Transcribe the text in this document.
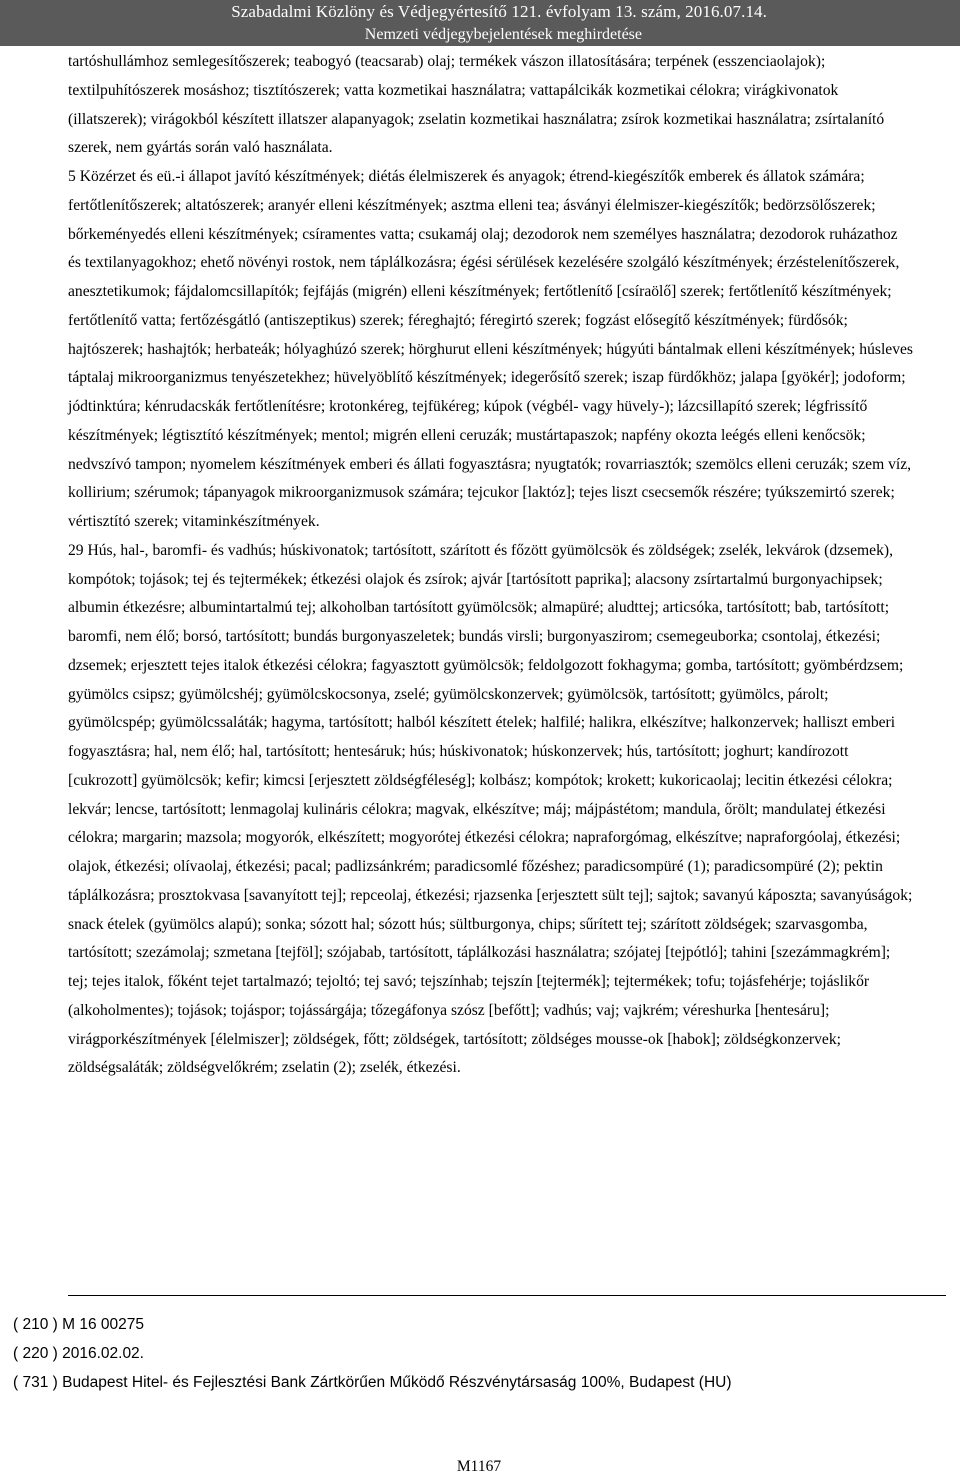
Szabadalmi Közlöny és Védjegyértesítő 121. évfolyam 13. szám, 2016.07.14.
Nemzeti védjegybejelentések meghirdetése

tartóshullámhoz semlegesítőszerek; teabogyó (teacsarab) olaj; termékek vászon illatosítására; terpének (esszenciaolajok); textilpuhítószerek mosáshoz; tisztítószerek; vatta kozmetikai használatra; vattapálcikák kozmetikai célokra; virágkivonatok (illatszerek); virágokból készített illatszer alapanyagok; zselatin kozmetikai használatra; zsírok kozmetikai használatra; zsírtalanító szerek, nem gyártás során való használata.

5 Közérzet és eü.-i állapot javító készítmények; diétás élelmiszerek és anyagok; étrend-kiegészítők emberek és állatok számára; fertőtlenítőszerek; altatószerek; aranyér elleni készítmények; asztma elleni tea; ásványi élelmiszer-kiegészítők; bedörzsölőszerek; bőrkeményedés elleni készítmények; csíramentes vatta; csukamáj olaj; dezodorok nem személyes használatra; dezodorok ruházathoz és textilanyagokhoz; ehető növényi rostok, nem táplálkozásra; égési sérülések kezelésére szolgáló készítmények; érzéstelenítőszerek, anesztetikumok; fájdalomcsillapítók; fejfájás (migrén) elleni készítmények; fertőtlenítő [csíraölő] szerek; fertőtlenítő készítmények; fertőtlenítő vatta; fertőzésgátló (antiszeptikus) szerek; féreghajtó; féregirtó szerek; fogzást elősegítő készítmények; fürdősók; hajtószerek; hashajtók; herbateák; hólyaghúzó szerek; hörghurut elleni készítmények; húgyúti bántalmak elleni készítmények; húsleves táptalaj mikroorganizmus tenyészetekhez; hüvelyöblítő készítmények; idegerősítő szerek; iszap fürdőkhöz; jalapa [gyökér]; jodoform; jódtinktúra; kénrudacskák fertőtlenítésre; krotonkéreg, tejfükéreg; kúpok (végbél- vagy hüvely-); lázcsillapító szerek; légfrissítő készítmények; légtisztító készítmények; mentol; migrén elleni ceruzák; mustártapaszok; napfény okozta leégés elleni kenőcsök; nedvszívó tampon; nyomelem készítmények emberi és állati fogyasztásra; nyugtatók; rovarriasztók; szemölcs elleni ceruzák; szem víz, kollirium; szérumok; tápanyagok mikroorganizmusok számára; tejcukor [laktóz]; tejes liszt csecsemők részére; tyúkszemirtó szerek; vértisztító szerek; vitaminkészítmények.

29 Hús, hal-, baromfi- és vadhús; húskivonatok; tartósított, szárított és főzött gyümölcsök és zöldségek; zselék, lekvárok (dzsemek), kompótok; tojások; tej és tejtermékek; étkezési olajok és zsírok; ajvár [tartósított paprika]; alacsony zsírtartalmú burgonyachipsek; albumin étkezésre; albumintartalmú tej; alkoholban tartósított gyümölcsök; almapüré; aludttej; articsóka, tartósított; bab, tartósított; baromfi, nem élő; borsó, tartósított; bundás burgonyaszeletek; bundás virsli; burgonyaszirom; csemegeuborka; csontolaj, étkezési; dzsemek; erjesztett tejes italok étkezési célokra; fagyasztott gyümölcsök; feldolgozott fokhagyma; gomba, tartósított; gyömbérdzsem; gyümölcs csipsz; gyümölcshéj; gyümölcskocsonya, zselé; gyümölcskonzervek; gyümölcsök, tartósított; gyümölcs, párolt; gyümölcspép; gyümölcssaláták; hagyma, tartósított; halból készített ételek; halfilé; halikra, elkészítve; halkonzervek; halliszt emberi fogyasztásra; hal, nem élő; hal, tartósított; hentesáruk; hús; húskivonatok; húskonzervek; hús, tartósított; joghurt; kandírozott [cukrozott] gyümölcsök; kefir; kimcsi [erjesztett zöldségféleség]; kolbász; kompótok; krokett; kukoricaolaj; lecitin étkezési célokra; lekvár; lencse, tartósított; lenmagolaj kulináris célokra; magvak, elkészítve; máj; májpástétom; mandula, őrölt; mandulatej étkezési célokra; margarin; mazsola; mogyorók, elkészített; mogyorótej étkezési célokra; napraforgómag, elkészítve; napraforgóolaj, étkezési; olajok, étkezési; olívaolaj, étkezési; pacal; padlizsánkrém; paradicsomlé főzéshez; paradicsompüré (1); paradicsompüré (2); pektin táplálkozásra; prosztokvasa [savanyított tej]; repceolaj, étkezési; rjazsenka [erjesztett sült tej]; sajtok; savanyú káposzta; savanyúságok; snack ételek (gyümölcs alapú); sonka; sózott hal; sózott hús; sültburgonya, chips; sűrített tej; szárított zöldségek; szarvasgomba, tartósított; szezámolaj; szmetana [tejföl]; szójabab, tartósított, táplálkozási használatra; szójatej [tejpótló]; tahini [szezámmagkrém]; tej; tejes italok, főként tejet tartalmazó; tejoltó; tej savó; tejszínhab; tejszín [tejtermék]; tejtermékek; tofu; tojásfehérje; tojáslikőr (alkoholmentes); tojások; tojáspor; tojássárgája; tőzegáfonya szósz [befőtt]; vadhús; vaj; vajkrém; véreshurka [hentesáru]; virágporkészítmények [élelmiszer]; zöldségek, főtt; zöldségek, tartósított; zöldséges mousse-ok [habok]; zöldségkonzervek; zöldségsaláták; zöldségvelőkrém; zselatin (2); zselék, étkezési.

( 210 ) M 16 00275
( 220 ) 2016.02.02.
( 731 ) Budapest Hitel- és Fejlesztési Bank Zártkörűen Működő Részvénytársaság 100%, Budapest (HU)
M1167
